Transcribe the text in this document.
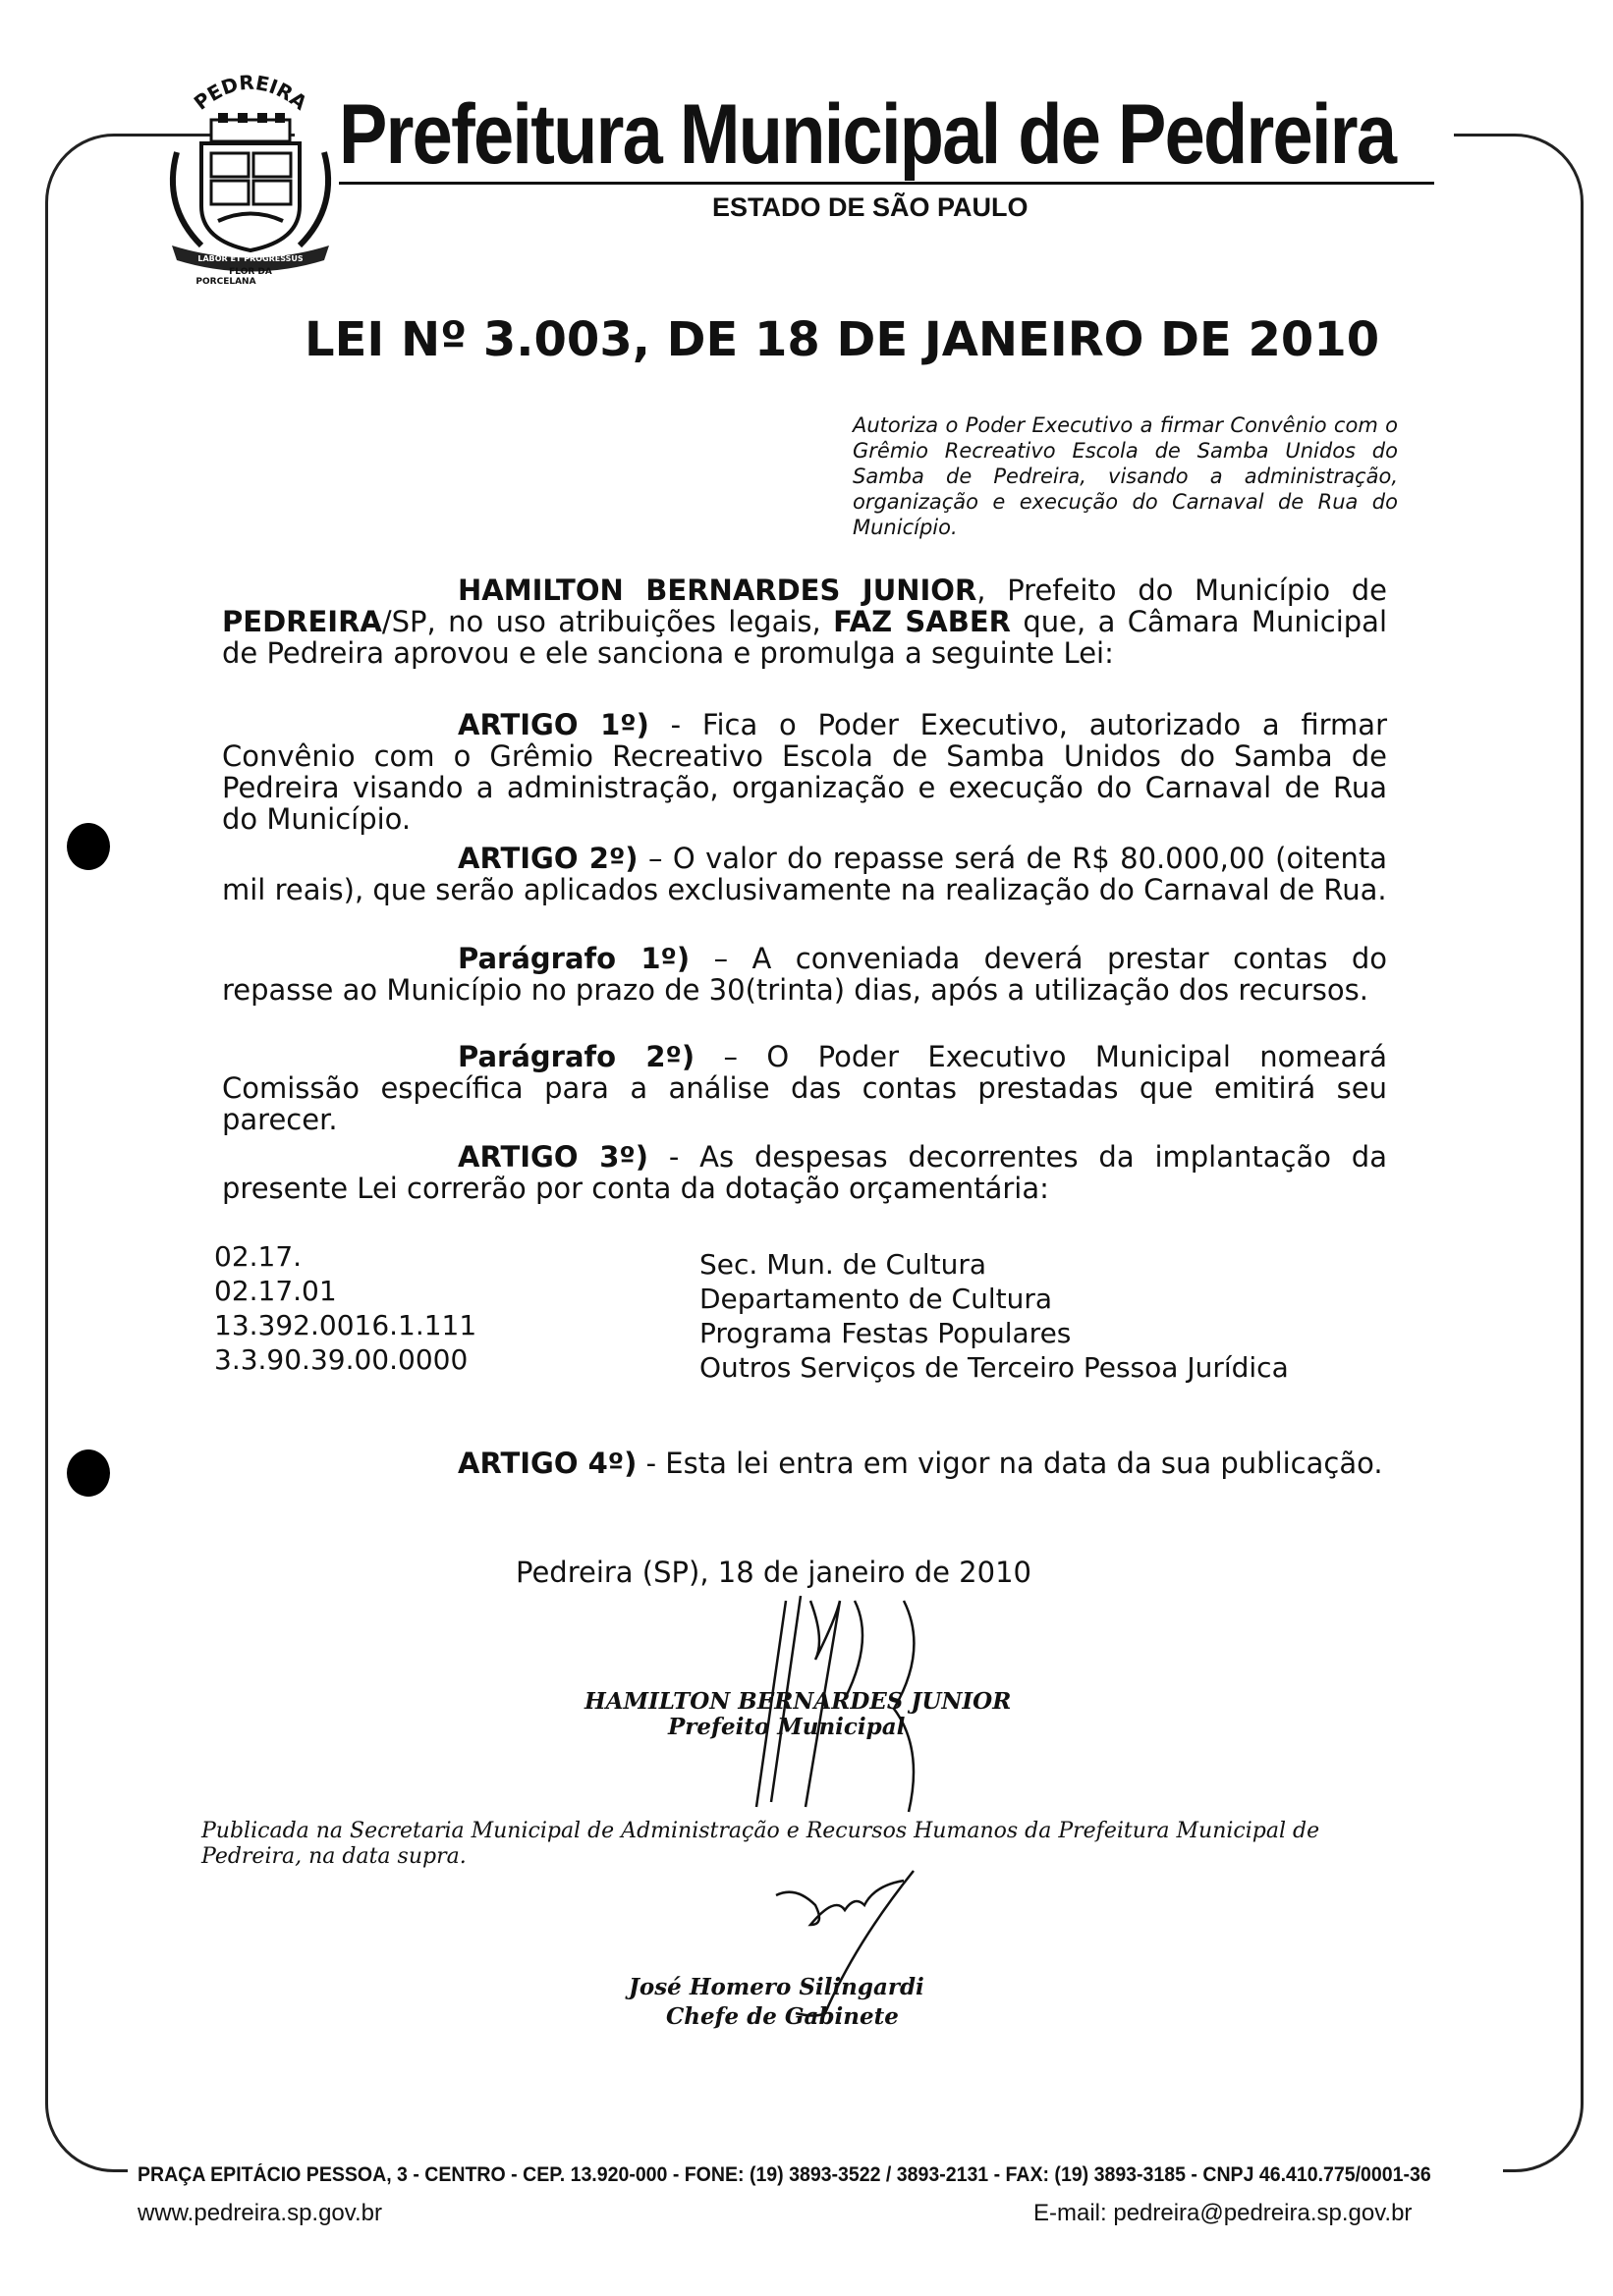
PEDREIRA
LABOR ET PROGRESSUS
FLOR DA
PORCELANA
Prefeitura Municipal de Pedreira
ESTADO DE SÃO PAULO
LEI Nº 3.003, DE 18 DE JANEIRO DE 2010
Autoriza o Poder Executivo a firmar Convênio com o Grêmio Recreativo Escola de Samba Unidos do Samba de Pedreira, visando a administração, organização e execução do Carnaval de Rua do Município.
HAMILTON BERNARDES JUNIOR, Prefeito do Município de PEDREIRA/SP, no uso atribuições legais, FAZ SABER que, a Câmara Municipal de Pedreira aprovou e ele sanciona e promulga a seguinte Lei:
ARTIGO 1º) - Fica o Poder Executivo, autorizado a firmar Convênio com o Grêmio Recreativo Escola de Samba Unidos do Samba de Pedreira visando a administração, organização e execução do Carnaval de Rua do Município.
ARTIGO 2º) – O valor do repasse será de R$ 80.000,00 (oitenta mil reais), que serão aplicados exclusivamente na realização do Carnaval de Rua.
Parágrafo 1º) – A conveniada deverá prestar contas do repasse ao Município no prazo de 30(trinta) dias, após a utilização dos recursos.
Parágrafo 2º) – O Poder Executivo Municipal nomeará Comissão específica para a análise das contas prestadas que emitirá seu parecer.
ARTIGO 3º) - As despesas decorrentes da implantação da presente Lei correrão por conta da dotação orçamentária:
02.17.
02.17.01
13.392.0016.1.111
3.3.90.39.00.0000
Sec. Mun. de Cultura
Departamento de Cultura
Programa Festas Populares
Outros Serviços de Terceiro Pessoa Jurídica
ARTIGO 4º) - Esta lei entra em vigor na data da sua publicação.
Pedreira (SP), 18 de janeiro de 2010
HAMILTON BERNARDES JUNIOR
Prefeito Municipal
Publicada na Secretaria Municipal de Administração e Recursos Humanos da Prefeitura Municipal de Pedreira, na data supra.
José Homero Silingardi
Chefe de Gabinete
PRAÇA EPITÁCIO PESSOA, 3 - CENTRO - CEP. 13.920-000 - FONE: (19) 3893-3522 / 3893-2131 - FAX: (19) 3893-3185 - CNPJ 46.410.775/0001-36
www.pedreira.sp.gov.br	E-mail: pedreira@pedreira.sp.gov.br
